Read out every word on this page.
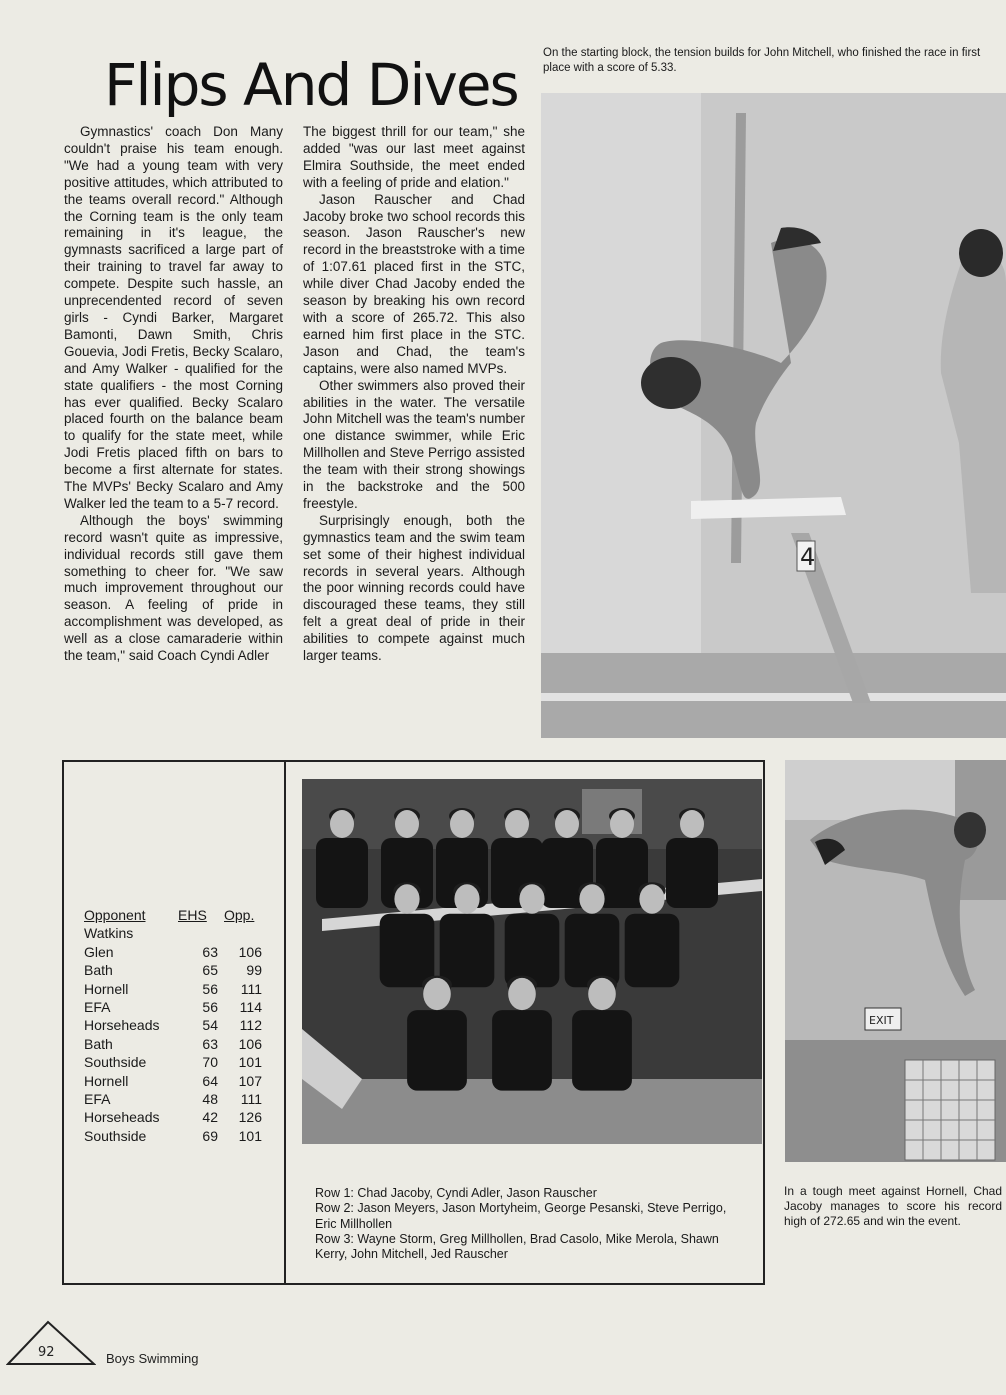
Flips And Dives

Gymnastics' coach Don Many couldn't praise his team enough. "We had a young team with very positive attitudes, which attributed to the teams overall record." Although the Corning team is the only team remaining in it's league, the gymnasts sacrificed a large part of their training to travel far away to compete. Despite such hassle, an unprecendented record of seven girls - Cyndi Barker, Margaret Bamonti, Dawn Smith, Chris Gouevia, Jodi Fretis, Becky Scalaro, and Amy Walker - qualified for the state qualifiers - the most Corning has ever qualified. Becky Scalaro placed fourth on the balance beam to qualify for the state meet, while Jodi Fretis placed fifth on bars to become a first alternate for states. The MVPs' Becky Scalaro and Amy Walker led the team to a 5-7 record.

Although the boys' swimming record wasn't quite as impressive, individual records still gave them something to cheer for. "We saw much improvement throughout our season. A feeling of pride in accomplishment was developed, as well as a close camaraderie within the team," said Coach Cyndi Adler

The biggest thrill for our team," she added "was our last meet against Elmira Southside, the meet ended with a feeling of pride and elation."

Jason Rauscher and Chad Jacoby broke two school records this season. Jason Rauscher's new record in the breaststroke with a time of 1:07.61 placed first in the STC, while diver Chad Jacoby ended the season by breaking his own record with a score of 265.72. This also earned him first place in the STC. Jason and Chad, the team's captains, were also named MVPs.

Other swimmers also proved their abilities in the water. The versatile John Mitchell was the team's number one distance swimmer, while Eric Millhollen and Steve Perrigo assisted the team with their strong showings in the backstroke and the 500 freestyle.

Surprisingly enough, both the gymnastics team and the swim team set some of their highest individual records in several years. Although the poor winning records could have discouraged these teams, they still felt a great deal of pride in their abilities to compete against much larger teams.

On the starting block, the tension builds for John Mitchell, who finished the race in first place with a score of 5.33.

4
Opponent	EHS	Opp.
Watkins
Glen	63	106
Bath	65	99
Hornell	56	111
EFA	56	114
Horseheads	54	112
Bath	63	106
Southside	70	101
Hornell	64	107
EFA	48	111
Horseheads	42	126
Southside	69	101
Row 1: Chad Jacoby, Cyndi Adler, Jason Rauscher
Row 2: Jason Meyers, Jason Mortyheim, George Pesanski, Steve Perrigo, Eric Millhollen
Row 3: Wayne Storm, Greg Millhollen, Brad Casolo, Mike Merola, Shawn Kerry, John Mitchell, Jed Rauscher
EXIT

In a tough meet against Hornell, Chad Jacoby manages to score his record high of 272.65 and win the event.

92	Boys Swimming
